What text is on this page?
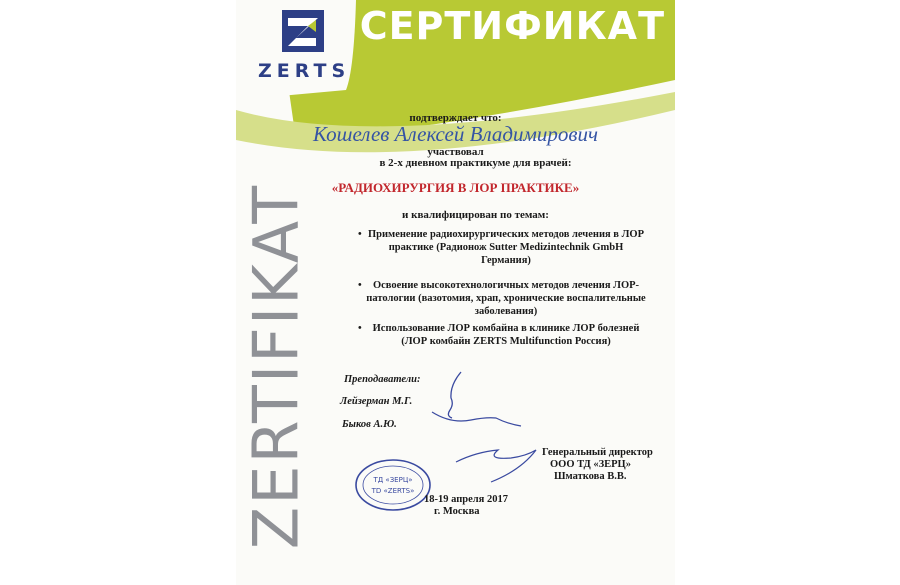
ZERTS
СЕРТИФИКАТ
ZERTIFIKAT
подтверждает что:
Кошелев Алексей Владимирович
участвовал
в 2-х дневном практикуме для врачей:
«РАДИОХИРУРГИЯ В ЛОР ПРАКТИКЕ»
и квалифицирован по темам:
• Применение радиохирургических методов лечения в ЛОР практике (Радионож Sutter Medizintechnik GmbH Германия)
• Освоение высокотехнологичных методов лечения ЛОР-патологии (вазотомия, храп, хронические воспалительные заболевания)
• Использование ЛОР комбайна в клинике ЛОР болезней (ЛОР комбайн ZERTS Multifunction Россия)
Преподаватели:
Лейзерман М.Г.
Быков А.Ю.
ТД «ЗЕРЦ»
TD «ZERTS»
Генеральный директор
ООО ТД «ЗЕРЦ»
Шматкова В.В.
18-19 апреля 2017
г. Москва
